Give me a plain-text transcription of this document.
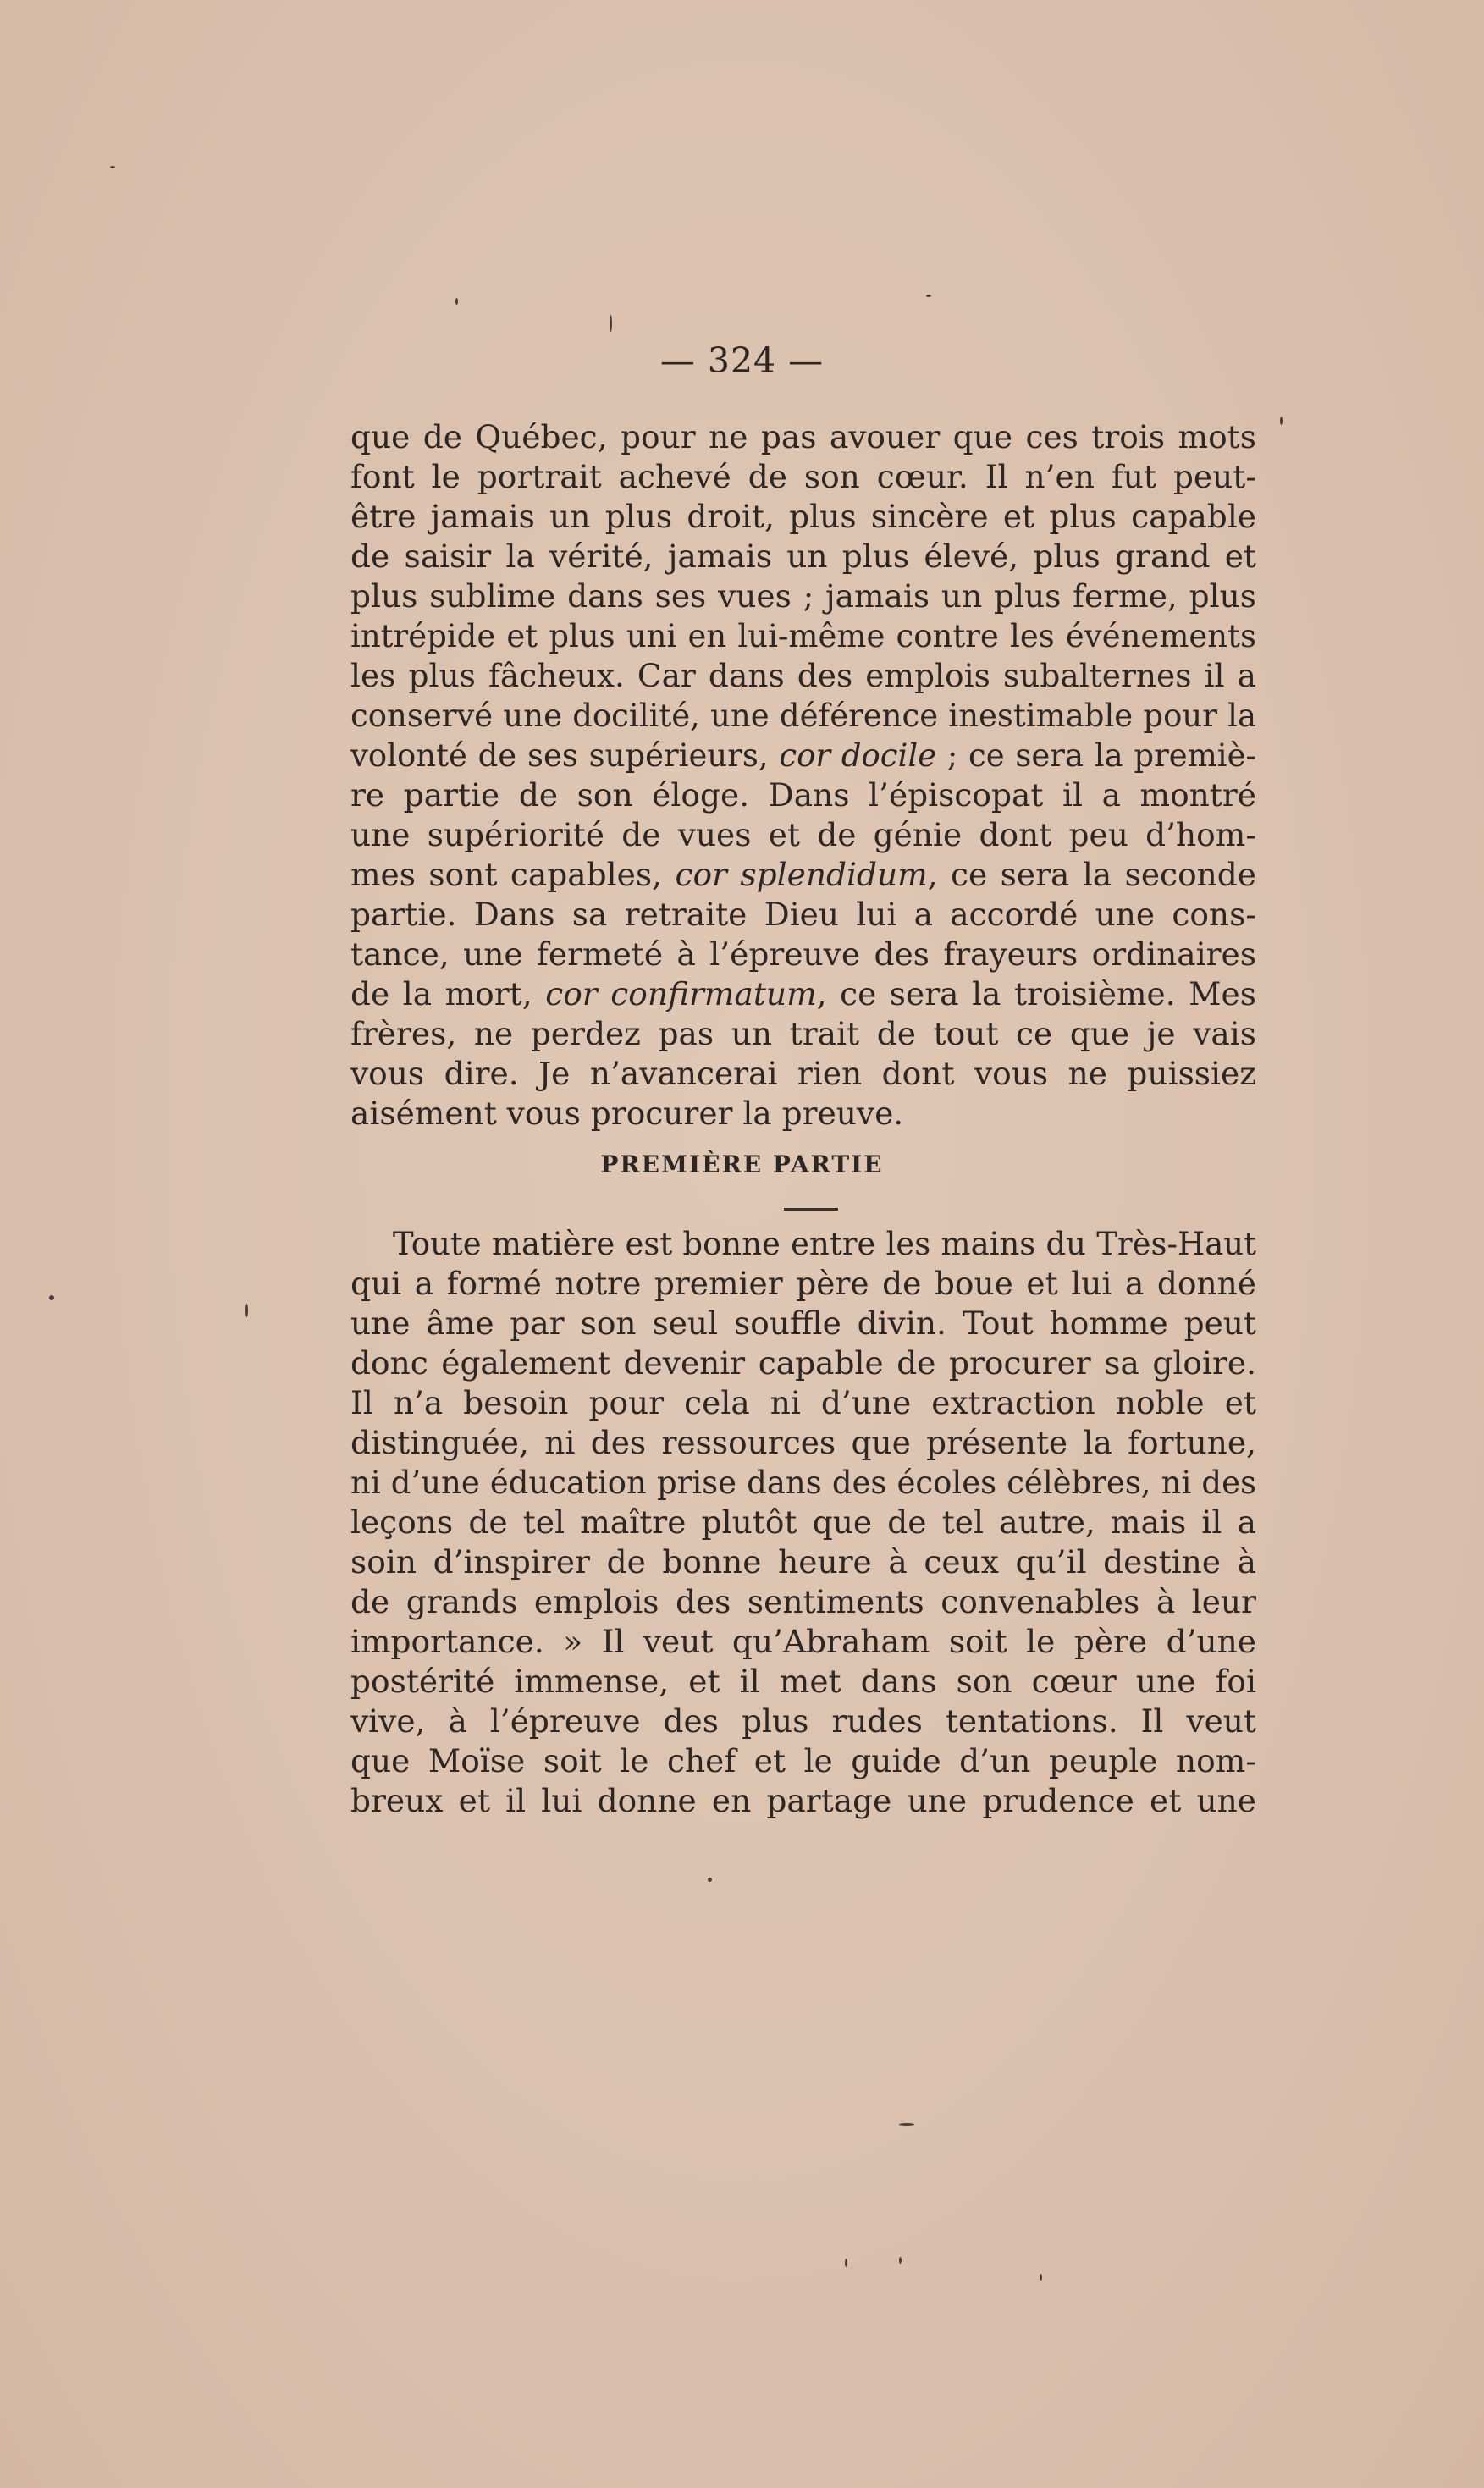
— 324 —
que de Québec, pour ne pas avouer que ces trois mots
font le portrait achevé de son cœur. Il n’en fut peut-
être jamais un plus droit, plus sincère et plus capable
de saisir la vérité, jamais un plus élevé, plus grand et
plus sublime dans ses vues ; jamais un plus ferme, plus
intrépide et plus uni en lui-même contre les événements
les plus fâcheux. Car dans des emplois subalternes il a
conservé une docilité, une déférence inestimable pour la
volonté de ses supérieurs, cor docile ; ce sera la premiè-
re partie de son éloge. Dans l’épiscopat il a montré
une supériorité de vues et de génie dont peu d’hom-
mes sont capables, cor splendidum, ce sera la seconde
partie. Dans sa retraite Dieu lui a accordé une cons-
tance, une fermeté à l’épreuve des frayeurs ordinaires
de la mort, cor confirmatum, ce sera la troisième. Mes
frères, ne perdez pas un trait de tout ce que je vais
vous dire. Je n’avancerai rien dont vous ne puissiez
aisément vous procurer la preuve.
PREMIÈRE PARTIE
Toute matière est bonne entre les mains du Très-Haut
qui a formé notre premier père de boue et lui a donné
une âme par son seul souffle divin. Tout homme peut
donc également devenir capable de procurer sa gloire.
Il n’a besoin pour cela ni d’une extraction noble et
distinguée, ni des ressources que présente la fortune,
ni d’une éducation prise dans des écoles célèbres, ni des
leçons de tel maître plutôt que de tel autre, mais il a
soin d’inspirer de bonne heure à ceux qu’il destine à
de grands emplois des sentiments convenables à leur
importance. » Il veut qu’Abraham soit le père d’une
postérité immense, et il met dans son cœur une foi
vive, à l’épreuve des plus rudes tentations. Il veut
que Moïse soit le chef et le guide d’un peuple nom-
breux et il lui donne en partage une prudence et une
